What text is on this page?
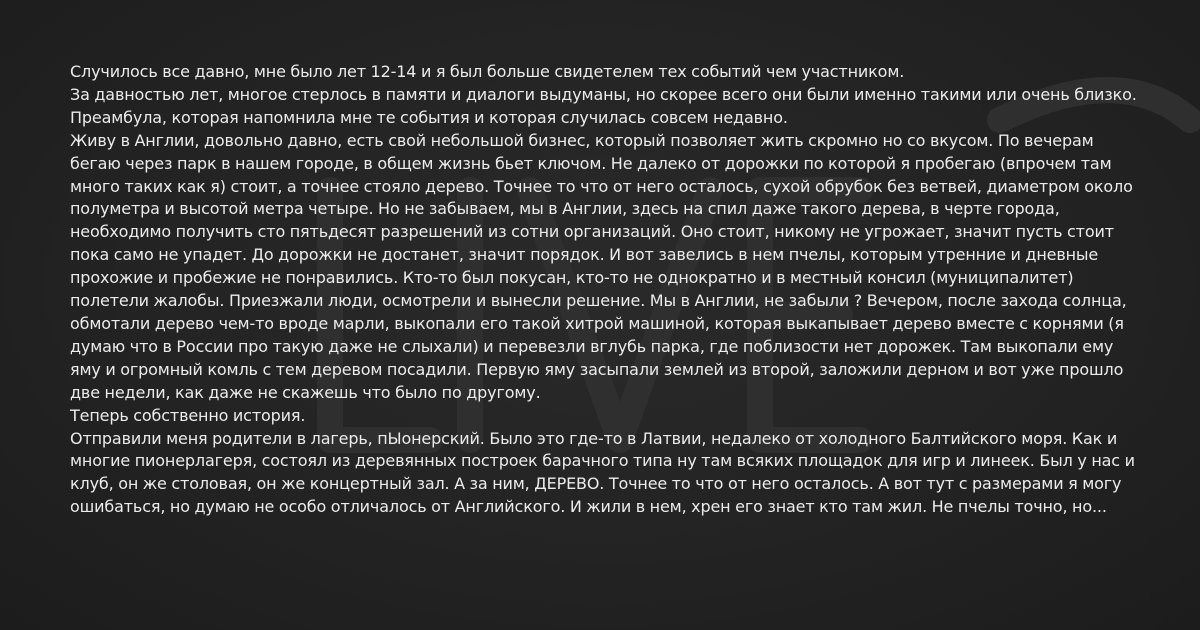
Случилось все давно, мне было лет 12-14 и я был больше свидетелем тех событий чем участником.

За давностью лет, многое стерлось в памяти и диалоги выдуманы, но скорее всего они были именно такими или очень близко.

Преамбула, которая напомнила мне те события и которая случилась совсем недавно.

Живу в Англии, довольно давно, есть свой небольшой бизнес, который позволяет жить скромно но со вкусом. По вечерам бегаю через парк в нашем городе, в общем жизнь бьет ключом. Не далеко от дорожки по которой я пробегаю (впрочем там много таких как я) стоит, а точнее стояло дерево. Точнее то что от него осталось, сухой обрубок без ветвей, диаметром около полуметра и высотой метра четыре. Но не забываем, мы в Англии, здесь на спил даже такого дерева, в черте города, необходимо получить сто пятьдесят разрешений из сотни организаций. Оно стоит, никому не угрожает, значит пусть стоит пока само не упадет. До дорожки не достанет, значит порядок. И вот завелись в нем пчелы, которым утренние и дневные прохожие и пробежие не понравились. Кто-то был покусан, кто-то не однократно и в местный консил (муниципалитет) полетели жалобы. Приезжали люди, осмотрели и вынесли решение. Мы в Англии, не забыли ? Вечером, после захода солнца, обмотали дерево чем-то вроде марли, выкопали его такой хитрой машиной, которая выкапывает дерево вместе с корнями (я думаю что в России про такую даже не слыхали) и перевезли вглубь парка, где поблизости нет дорожек. Там выкопали ему яму и огромный комль с тем деревом посадили. Первую яму засыпали землей из второй, заложили дерном и вот уже прошло две недели, как даже не скажешь что было по другому.

Теперь собственно история.

Отправили меня родители в лагерь, пЫонерский. Было это где-то в Латвии, недалеко от холодного Балтийского моря. Как и многие пионерлагеря, состоял из деревянных построек барачного типа ну там всяких площадок для игр и линеек. Был у нас и клуб, он же столовая, он же концертный зал. А за ним, ДЕРЕВО. Точнее то что от него осталось. А вот тут с размерами я могу ошибаться, но думаю не особо отличалось от Английского. И жили в нем, хрен его знает кто там жил. Не пчелы точно, но...
